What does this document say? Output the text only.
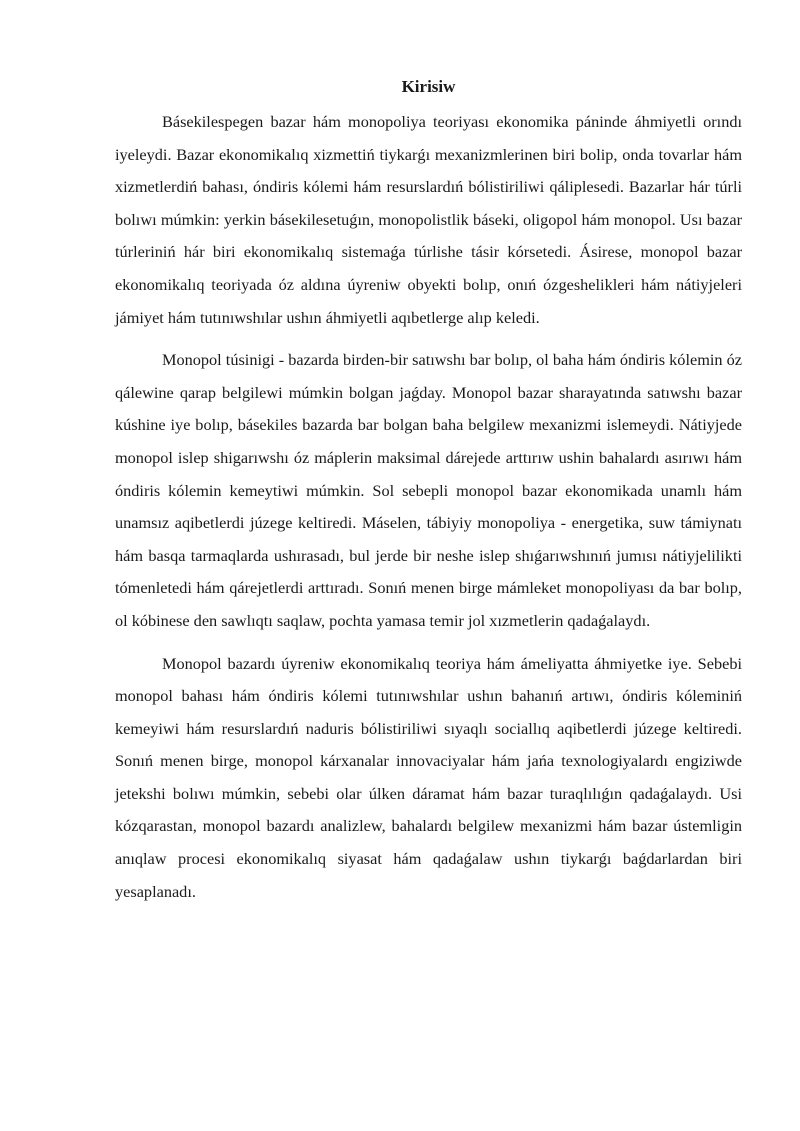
Kirisiw

Básekilespegen bazar hám monopoliya teoriyası ekonomika páninde áhmiyetli orındı iyeleydi. Bazar ekonomikalıq xizmettiń tiykarǵı mexanizmlerinen biri bolip, onda tovarlar hám xizmetlerdiń bahası, óndiris kólemi hám resurslardıń bólistiriliwi qáliplesedi. Bazarlar hár túrli bolıwı múmkin: yerkin básekilesetuǵın, monopolistlik báseki, oligopol hám monopol. Usı bazar túrleriniń hár biri ekonomikalıq sistemaǵa túrlishe tásir kórsetedi. Ásirese, monopol bazar ekonomikalıq teoriyada óz aldına úyreniw obyekti bolıp, onıń ózgeshelikleri hám nátiyjeleri jámiyet hám tutınıwshılar ushın áhmiyetli aqıbetlerge alıp keledi.

Monopol túsinigi - bazarda birden-bir satıwshı bar bolıp, ol baha hám óndiris kólemin óz qálewine qarap belgilewi múmkin bolgan jaǵday. Monopol bazar sharayatında satıwshı bazar kúshine iye bolıp, básekiles bazarda bar bolgan baha belgilew mexanizmi islemeydi. Nátiyjede monopol islep shigarıwshı óz máplerin maksimal dárejede arttırıw ushin bahalardı asırıwı hám óndiris kólemin kemeytiwi múmkin. Sol sebepli monopol bazar ekonomikada unamlı hám unamsız aqibetlerdi júzege keltiredi. Máselen, tábiyiy monopoliya - energetika, suw támiynatı hám basqa tarmaqlarda ushırasadı, bul jerde bir neshe islep shıǵarıwshınıń jumısı nátiyjelilikti tómenletedi hám qárejetlerdi arttıradı. Sonıń menen birge mámleket monopoliyası da bar bolıp, ol kóbinese den sawlıqtı saqlaw, pochta yamasa temir jol xızmetlerin qadaǵalaydı.

Monopol bazardı úyreniw ekonomikalıq teoriya hám ámeliyatta áhmiyetke iye. Sebebi monopol bahası hám óndiris kólemi tutınıwshılar ushın bahanıń artıwı, óndiris kóleminiń kemeyiwi hám resurslardıń naduris bólistiriliwi sıyaqlı sociallıq aqibetlerdi júzege keltiredi. Sonıń menen birge, monopol kárxanalar innovaciyalar hám jańa texnologiyalardı engiziwde jetekshi bolıwı múmkin, sebebi olar úlken dáramat hám bazar turaqlılıǵın qadaǵalaydı. Usi kózqarastan, monopol bazardı analizlew, bahalardı belgilew mexanizmi hám bazar ústemligin anıqlaw procesi ekonomikalıq siyasat hám qadaǵalaw ushın tiykarǵı baǵdarlardan biri yesaplanadı.
